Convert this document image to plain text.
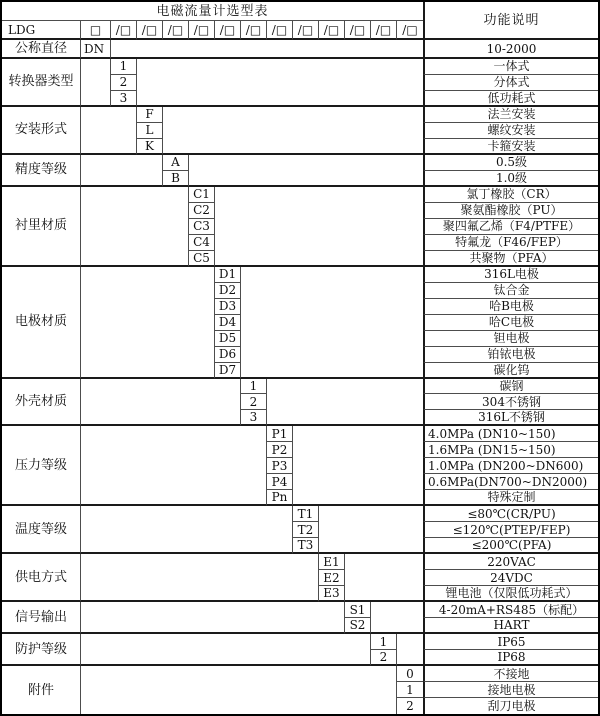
电磁流量计选型表
功能说明
LDG	□	/□ /□ /□ /□ /□ /□ /□ /□ /□ /□ /□ /□
公称直径	DN	10-2000
转换器类型
1	一体式
2	分体式
3	低功耗式
安装形式
F	法兰安装
L	螺纹安装
K	卡箍安装
精度等级	A	0.5级
B	1.0级
衬里材质
C1	氯丁橡胶（CR）
C2	聚氨酯橡胶（PU）
C3	聚四氟乙烯（F4/PTFE）
C4	特氟龙（F46/FEP）
C5	共聚物（PFA）
电极材质
D1	316L电极
D2	钛合金
D3	哈B电极
D4	哈C电极
D5	钽电极
D6	铂铱电极
D7	碳化钨
外壳材质
1	碳钢
2	304不锈钢
3	316L不锈钢
压力等级
P1	4.0MPa (DN10~150)
P2	1.6MPa (DN15~150)
P3	1.0MPa (DN200~DN600)
P4	0.6MPa(DN700~DN2000)
Pn	特殊定制
温度等级
T1	≤80℃(CR/PU)
T2	≤120℃(PTEP/FEP)
T3	≤200℃(PFA)
供电方式
E1	220VAC
E2	24VDC
E3	锂电池（仅限低功耗式）
信号输出	S1	4-20mA+RS485（标配）
S2	HART
防护等级	1	IP65
2	IP68
附件
0	不接地
1	接地电极
2	刮刀电极
